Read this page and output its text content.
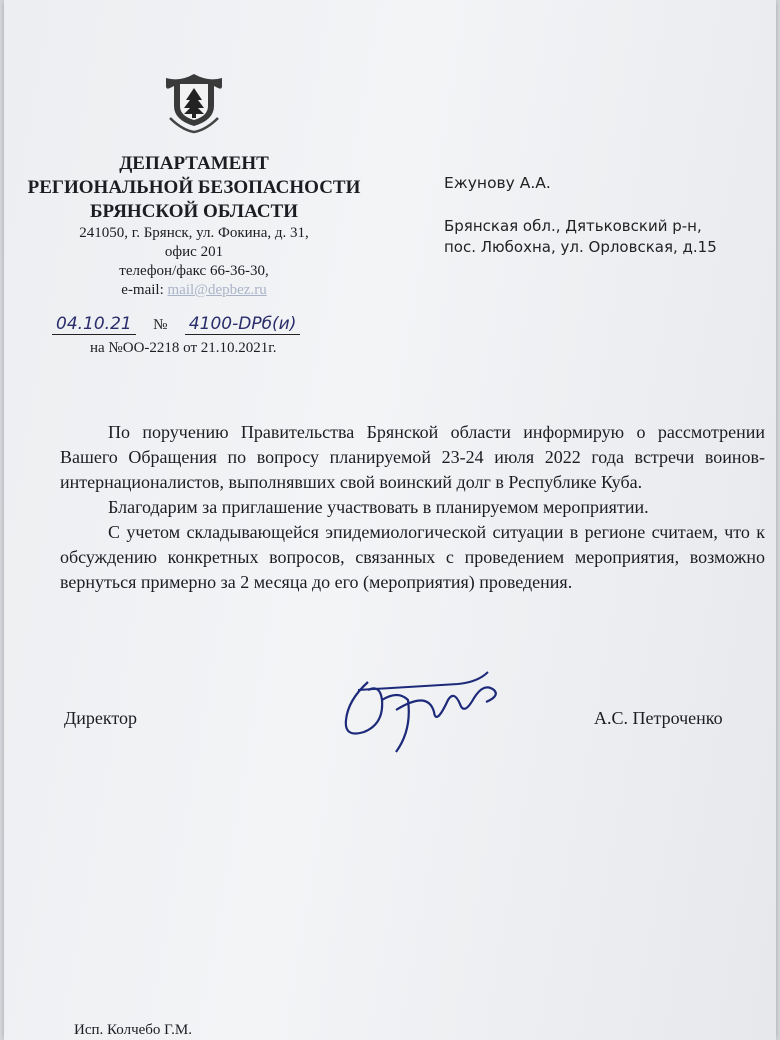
ДЕПАРТАМЕНТ
РЕГИОНАЛЬНОЙ БЕЗОПАСНОСТИ
БРЯНСКОЙ ОБЛАСТИ
241050, г. Брянск, ул. Фокина, д. 31,
офис 201
телефон/факс 66-36-30,
e-mail: mail@depbez.ru
04.10.21 № 4100-DPб(и)
на №ОО-2218 от 21.10.2021г.
Ежунову А.А.
Брянская обл., Дятьковский р-н,
пос. Любохна, ул. Орловская, д.15

По поручению Правительства Брянской области информирую о рассмотрении Вашего Обращения по вопросу планируемой 23-24 июля 2022 года встречи воинов-интернационалистов, выполнявших свой воинский долг в Республике Куба.

Благодарим за приглашение участвовать в планируемом мероприятии.

С учетом складывающейся эпидемиологической ситуации в регионе считаем, что к обсуждению конкретных вопросов, связанных с проведением мероприятия, возможно вернуться примерно за 2 месяца до его (мероприятия) проведения.

Директор	А.С. Петроченко
Исп. Колчебо Г.М.
